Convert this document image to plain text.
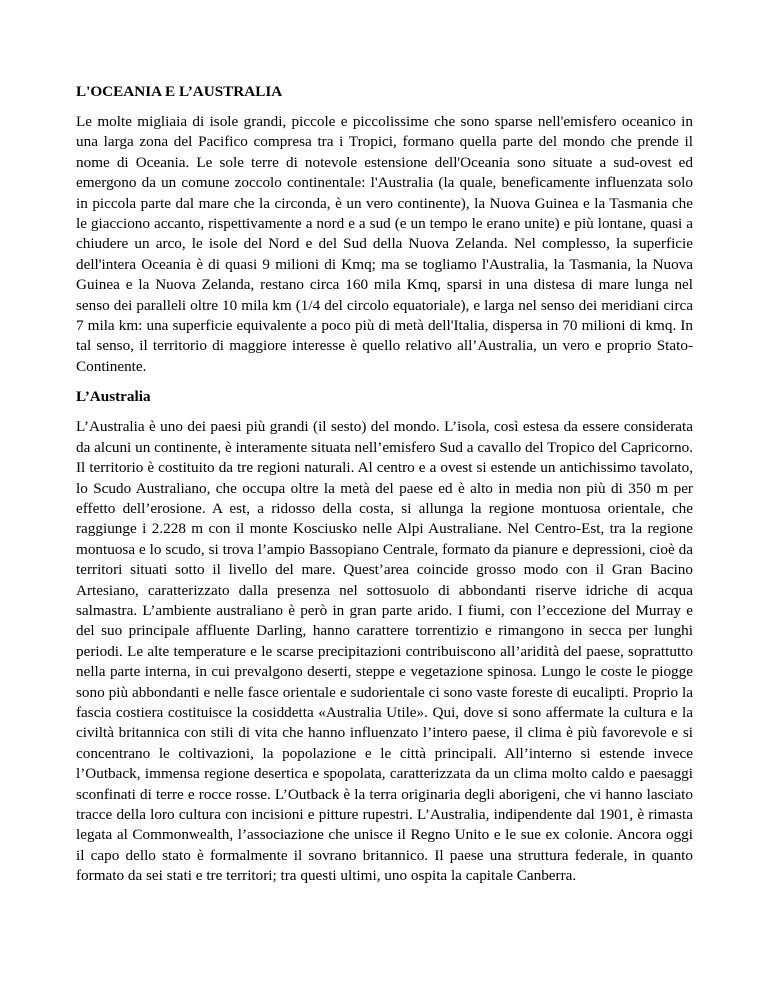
L'OCEANIA E L’AUSTRALIA

Le molte migliaia di isole grandi, piccole e piccolissime che sono sparse nell'emisfero oceanico in una larga zona del Pacifico compresa tra i Tropici, formano quella parte del mondo che prende il nome di Oceania. Le sole terre di notevole estensione dell'Oceania sono situate a sud-ovest ed emergono da un comune zoccolo continentale: l'Australia (la quale, beneficamente influenzata solo in piccola parte dal mare che la circonda, è un vero continente), la Nuova Guinea e la Tasmania che le giacciono accanto, rispettivamente a nord e a sud (e un tempo le erano unite) e più lontane, quasi a chiudere un arco, le isole del Nord e del Sud della Nuova Zelanda. Nel complesso, la superficie dell'intera Oceania è di quasi 9 milioni di Kmq; ma se togliamo l'Australia, la Tasmania, la Nuova Guinea e la Nuova Zelanda, restano circa 160 mila Kmq, sparsi in una distesa di mare lunga nel senso dei paralleli oltre 10 mila km (1/4 del circolo equatoriale), e larga nel senso dei meridiani circa 7 mila km: una superficie equivalente a poco più di metà dell'Italia, dispersa in 70 milioni di kmq. In tal senso, il territorio di maggiore interesse è quello relativo all’Australia, un vero e proprio Stato-Continente.

L’Australia

L’Australia è uno dei paesi più grandi (il sesto) del mondo. L’isola, così estesa da essere considerata da alcuni un continente, è interamente situata nell’emisfero Sud a cavallo del Tropico del Capricorno. Il territorio è costituito da tre regioni naturali. Al centro e a ovest si estende un antichissimo tavolato, lo Scudo Australiano, che occupa oltre la metà del paese ed è alto in media non più di 350 m per effetto dell’erosione. A est, a ridosso della costa, si allunga la regione montuosa orientale, che raggiunge i 2.228 m con il monte Kosciusko nelle Alpi Australiane. Nel Centro-Est, tra la regione montuosa e lo scudo, si trova l’ampio Bassopiano Centrale, formato da pianure e depressioni, cioè da territori situati sotto il livello del mare. Quest’area coincide grosso modo con il Gran Bacino Artesiano, caratterizzato dalla presenza nel sottosuolo di abbondanti riserve idriche di acqua salmastra. L’ambiente australiano è però in gran parte arido. I fiumi, con l’eccezione del Murray e del suo principale affluente Darling, hanno carattere torrentizio e rimangono in secca per lunghi periodi. Le alte temperature e le scarse precipitazioni contribuiscono all’aridità del paese, soprattutto nella parte interna, in cui prevalgono deserti, steppe e vegetazione spinosa. Lungo le coste le piogge sono più abbondanti e nelle fasce orientale e sudorientale ci sono vaste foreste di eucalipti. Proprio la fascia costiera costituisce la cosiddetta «Australia Utile». Qui, dove si sono affermate la cultura e la civiltà britannica con stili di vita che hanno influenzato l’intero paese, il clima è più favorevole e si concentrano le coltivazioni, la popolazione e le città principali. All’interno si estende invece l’Outback, immensa regione desertica e spopolata, caratterizzata da un clima molto caldo e paesaggi sconfinati di terre e rocce rosse. L’Outback è la terra originaria degli aborigeni, che vi hanno lasciato tracce della loro cultura con incisioni e pitture rupestri. L’Australia, indipendente dal 1901, è rimasta legata al Commonwealth, l’associazione che unisce il Regno Unito e le sue ex colonie. Ancora oggi il capo dello stato è formalmente il sovrano britannico. Il paese una struttura federale, in quanto formato da sei stati e tre territori; tra questi ultimi, uno ospita la capitale Canberra.
